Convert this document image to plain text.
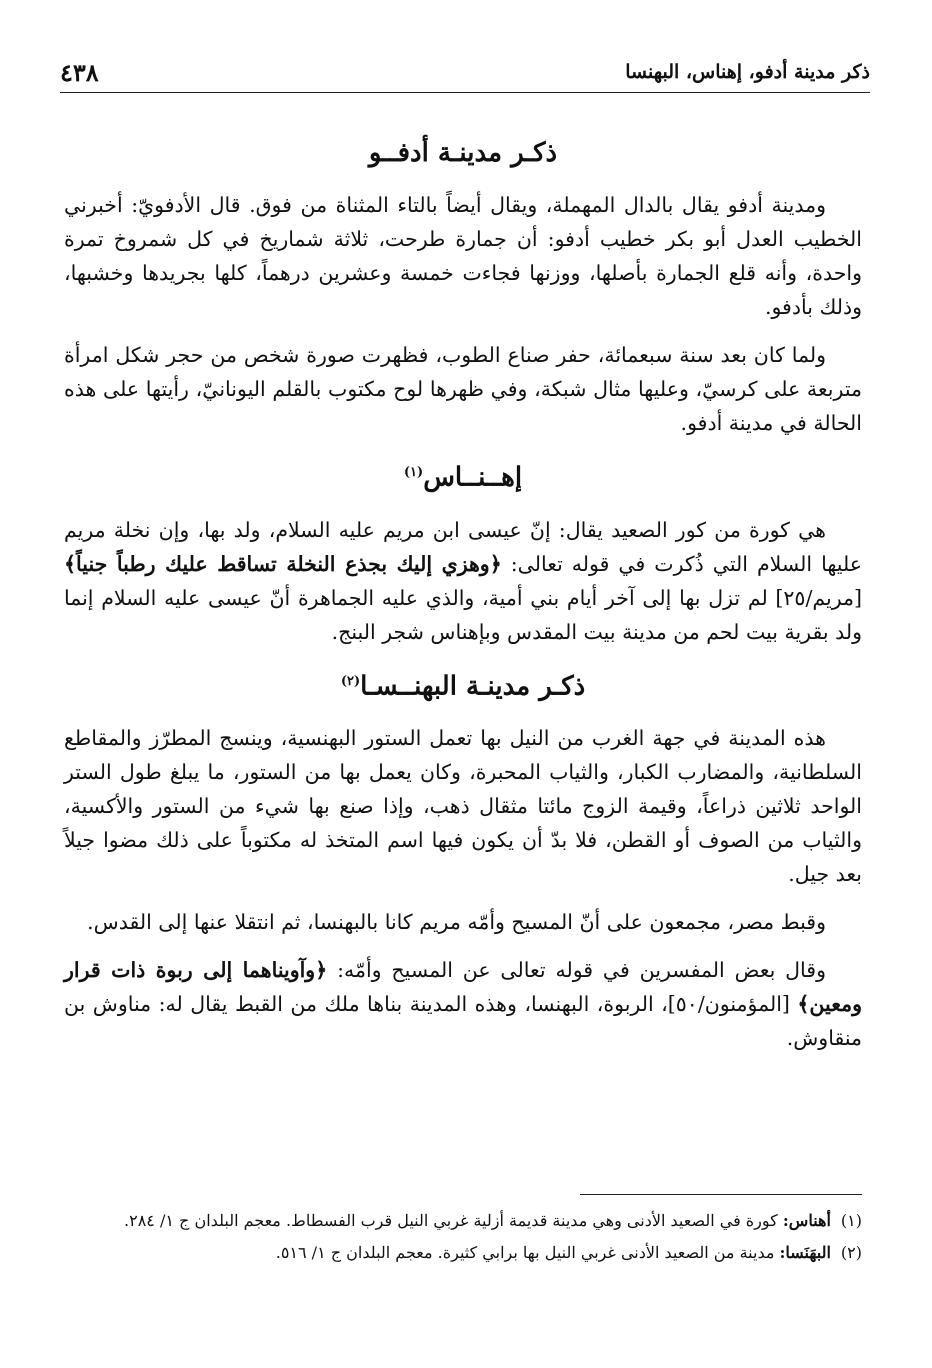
ذكر مدينة أدفو، إهناس، البهنسا
٤٣٨
ذكـر مدينـة أدفــو

ومدينة أدفو يقال بالدال المهملة، ويقال أيضاً بالتاء المثناة من فوق. قال الأدفويّ: أخبرني الخطيب العدل أبو بكر خطيب أدفو: أن جمارة طرحت، ثلاثة شماريخ في كل شمروخ تمرة واحدة، وأنه قلع الجمارة بأصلها، ووزنها فجاءت خمسة وعشرين درهماً، كلها بجريدها وخشبها، وذلك بأدفو.

ولما كان بعد سنة سبعمائة، حفر صناع الطوب، فظهرت صورة شخص من حجر شكل امرأة متربعة على كرسيّ، وعليها مثال شبكة، وفي ظهرها لوح مكتوب بالقلم اليونانيّ، رأيتها على هذه الحالة في مدينة أدفو.

إهــنــاس$^{(١)}$

هي كورة من كور الصعيد يقال: إنّ عيسى ابن مريم عليه السلام، ولد بها، وإن نخلة مريم عليها السلام التي ذُكرت في قوله تعالى: ﴿وهزي إليك بجذع النخلة تساقط عليك رطباً جنياً﴾ [مريم/٢٥] لم تزل بها إلى آخر أيام بني أمية، والذي عليه الجماهرة أنّ عيسى عليه السلام إنما ولد بقرية بيت لحم من مدينة بيت المقدس وبإهناس شجر البنج.

ذكـر مدينـة البهنــسـا$^{(٢)}$

هذه المدينة في جهة الغرب من النيل بها تعمل الستور البهنسية، وينسج المطرّز والمقاطع السلطانية، والمضارب الكبار، والثياب المحبرة، وكان يعمل بها من الستور، ما يبلغ طول الستر الواحد ثلاثين ذراعاً، وقيمة الزوج مائتا مثقال ذهب، وإذا صنع بها شيء من الستور والأكسية، والثياب من الصوف أو القطن، فلا بدّ أن يكون فيها اسم المتخذ له مكتوباً على ذلك مضوا جيلاً بعد جيل.

وقبط مصر، مجمعون على أنّ المسيح وأمّه مريم كانا بالبهنسا، ثم انتقلا عنها إلى القدس.

وقال بعض المفسرين في قوله تعالى عن المسيح وأمّه: ﴿وآويناهما إلى ربوة ذات قرار ومعين﴾ [المؤمنون/٥٠]، الربوة، البهنسا، وهذه المدينة بناها ملك من القبط يقال له: مناوش بن منقاوش.

(١)
أهناس: كورة في الصعيد الأدنى وهي مدينة قديمة أزلية غربي النيل قرب الفسطاط. معجم البلدان ج ١/ ٢٨٤.
(٢)
البهَنَسا: مدينة من الصعيد الأدنى غربي النيل بها برابي كثيرة. معجم البلدان ج ١/ ٥١٦.
